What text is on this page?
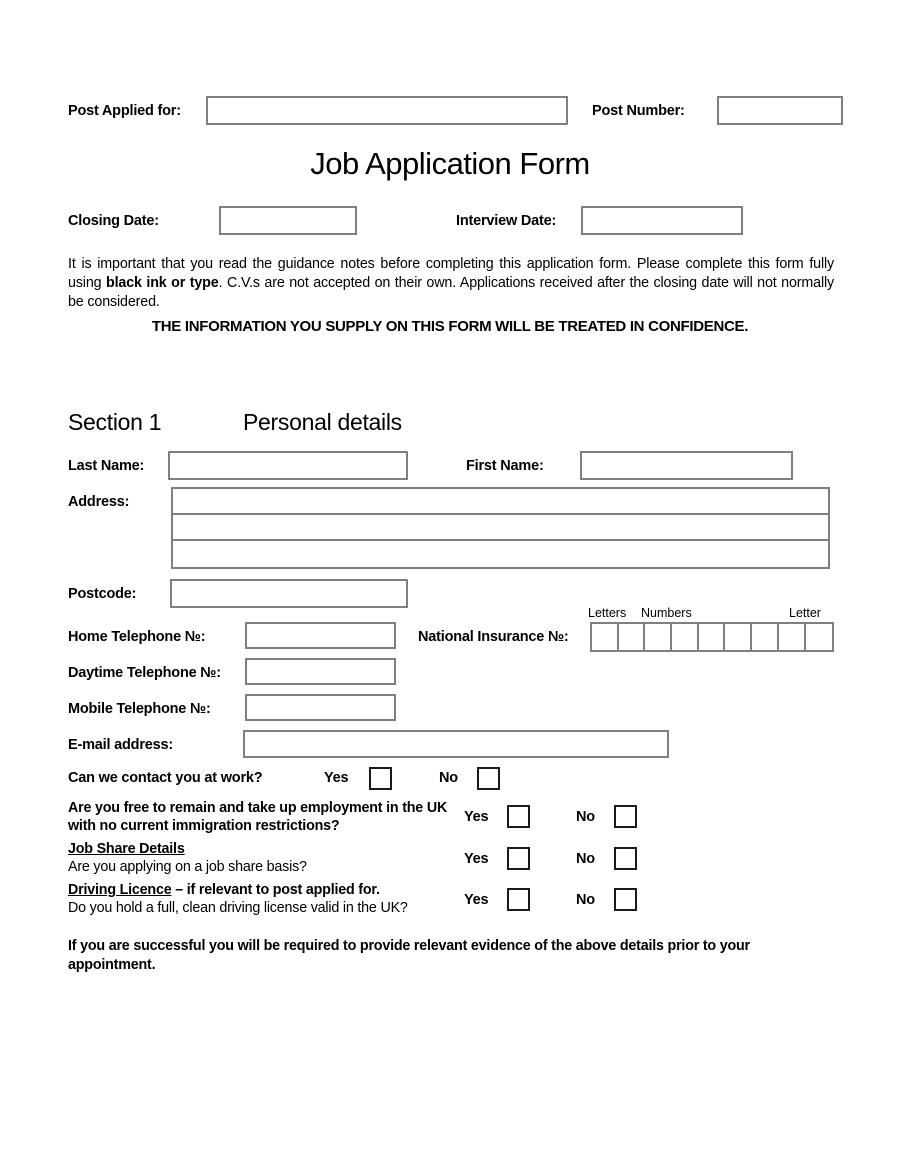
Post Applied for:	Post Number:
Job Application Form
Closing Date:	Interview Date:
It is important that you read the guidance notes before completing this application form. Please complete this form fully using black ink or type. C.V.s are not accepted on their own. Applications received after the closing date will not normally be considered.
THE INFORMATION YOU SUPPLY ON THIS FORM WILL BE TREATED IN CONFIDENCE.
Section 1	Personal details
Last Name:	First Name:
Address:
Postcode:
Letters Numbers	Letter
National Insurance №:
Home Telephone №:
Daytime Telephone №:
Mobile Telephone №:
E-mail address:
Can we contact you at work?	Yes	No
Are you free to remain and take up employment in the UK
with no current immigration restrictions?
Yes	No
Job Share Details
Are you applying on a job share basis?	Yes	No
Driving Licence – if relevant to post applied for.
Do you hold a full, clean driving license valid in the UK?	Yes	No
If you are successful you will be required to provide relevant evidence of the above details prior to your appointment.
